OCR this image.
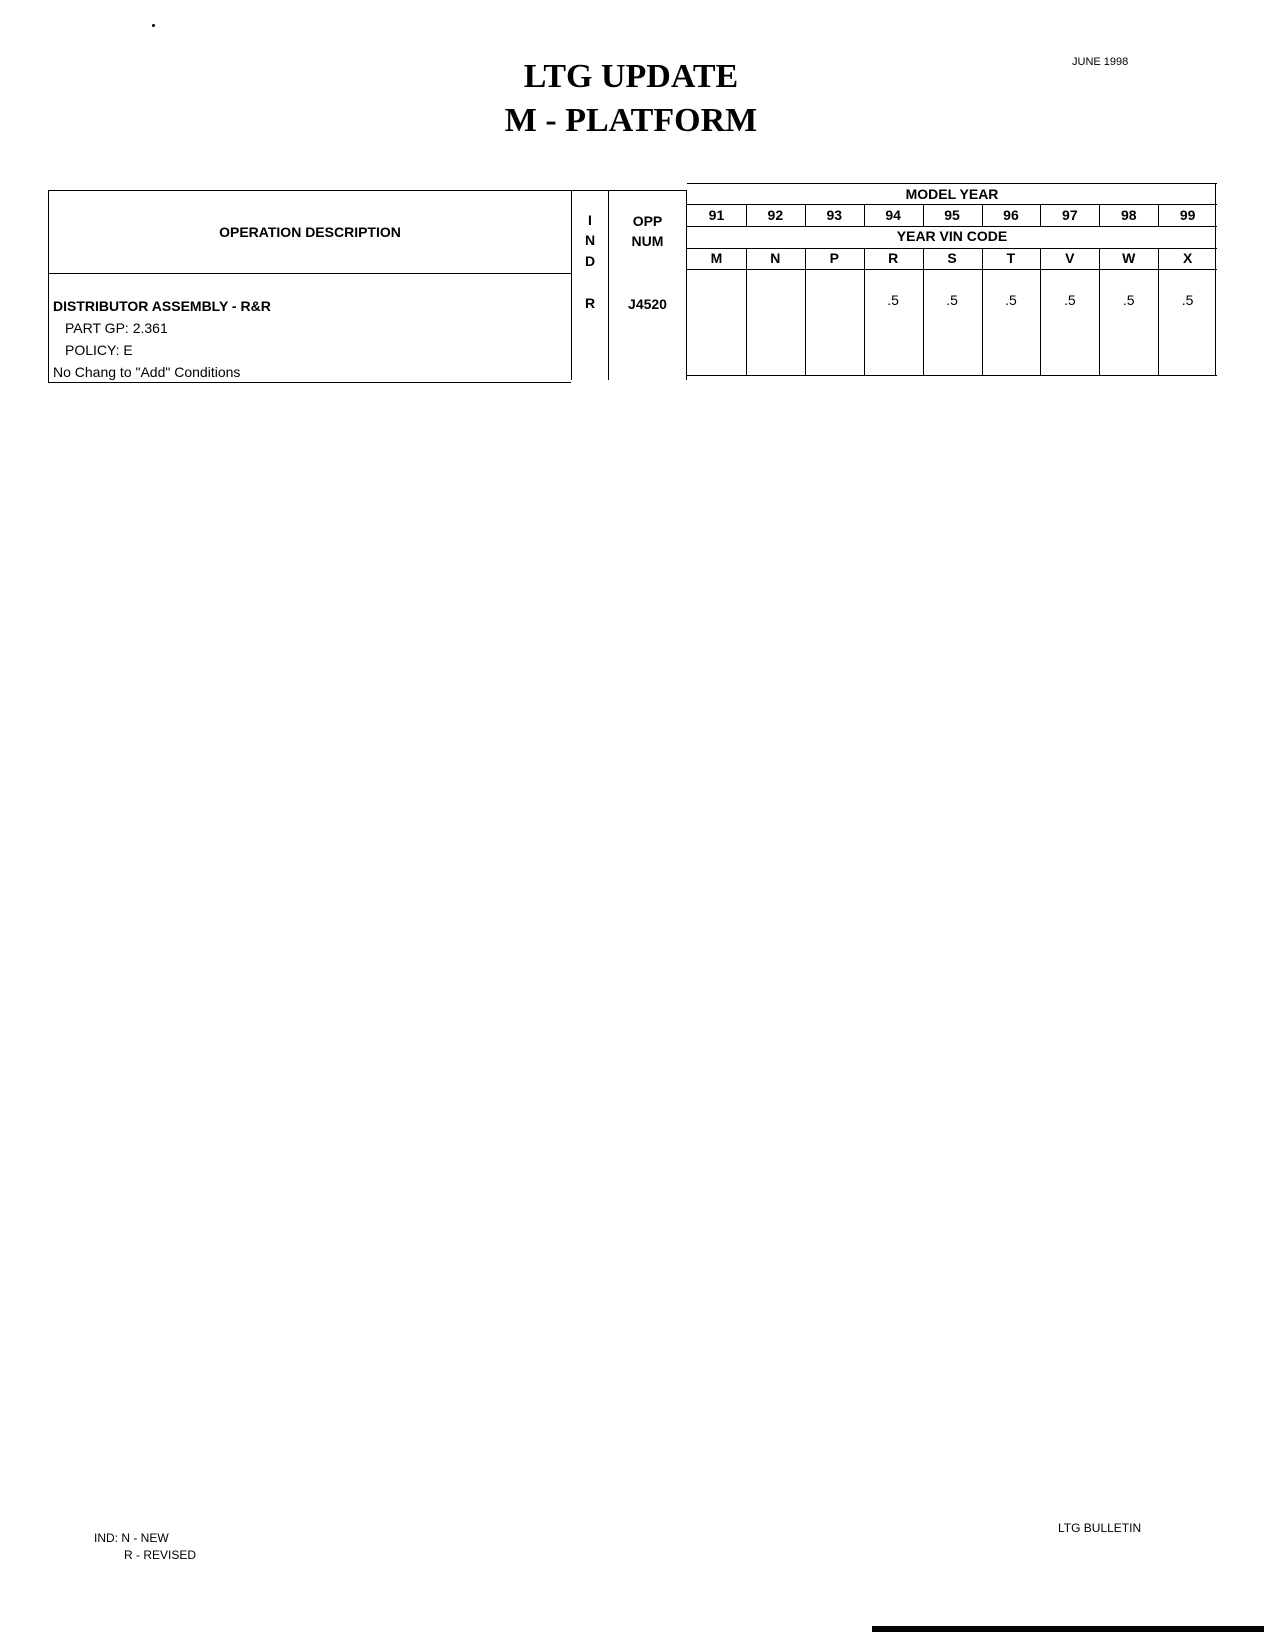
JUNE 1998
LTG UPDATE
M - PLATFORM
OPERATION DESCRIPTION
DISTRIBUTOR ASSEMBLY - R&R
PART GP: 2.361
POLICY: E
No Chang to "Add" Conditions
I
N
D
R
OPP
NUM
J4520
MODEL YEAR
YEAR VIN CODE
91
M
92
N
93
P
94
R
.5
95
S
.5
96
T
.5
97
V
.5
98
W
.5
99
X
.5
IND: N - NEW
R - REVISED
LTG BULLETIN
